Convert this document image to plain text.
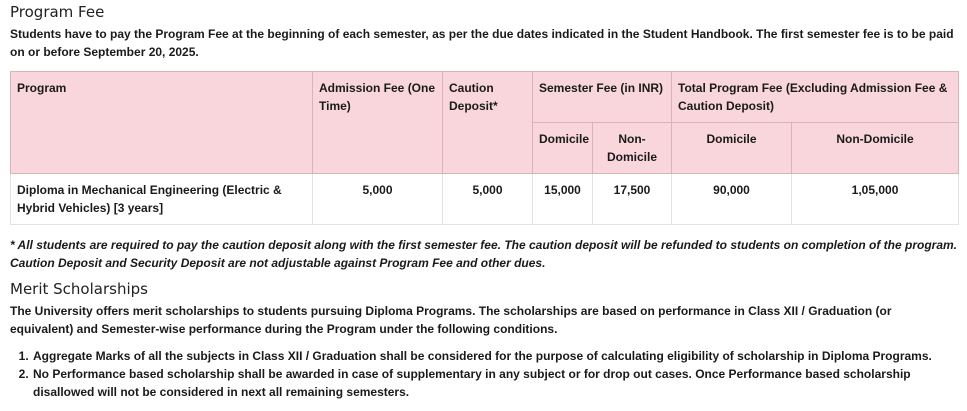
Program Fee

Students have to pay the Program Fee at the beginning of each semester, as per the due dates indicated in the Student Handbook. The first semester fee is to be paid on or before September 20, 2025.

Program	Admission Fee (One Time)	Caution Deposit*	Semester Fee (in INR)		Total Program Fee (Excluding Admission Fee & Caution Deposit)	
			Domicile	Non-Domicile	Domicile	Non-Domicile
Diploma in Mechanical Engineering (Electric & Hybrid Vehicles) [3 years]	5,000	5,000	15,000	17,500	90,000	1,05,000

* All students are required to pay the caution deposit along with the first semester fee. The caution deposit will be refunded to students on completion of the program. Caution Deposit and Security Deposit are not adjustable against Program Fee and other dues.

Merit Scholarships

The University offers merit scholarships to students pursuing Diploma Programs. The scholarships are based on performance in Class XII / Graduation (or equivalent) and Semester-wise performance during the Program under the following conditions.

1. Aggregate Marks of all the subjects in Class XII / Graduation shall be considered for the purpose of calculating eligibility of scholarship in Diploma Programs.
2. No Performance based scholarship shall be awarded in case of supplementary in any subject or for drop out cases. Once Performance based scholarship disallowed will not be considered in next all remaining semesters.
